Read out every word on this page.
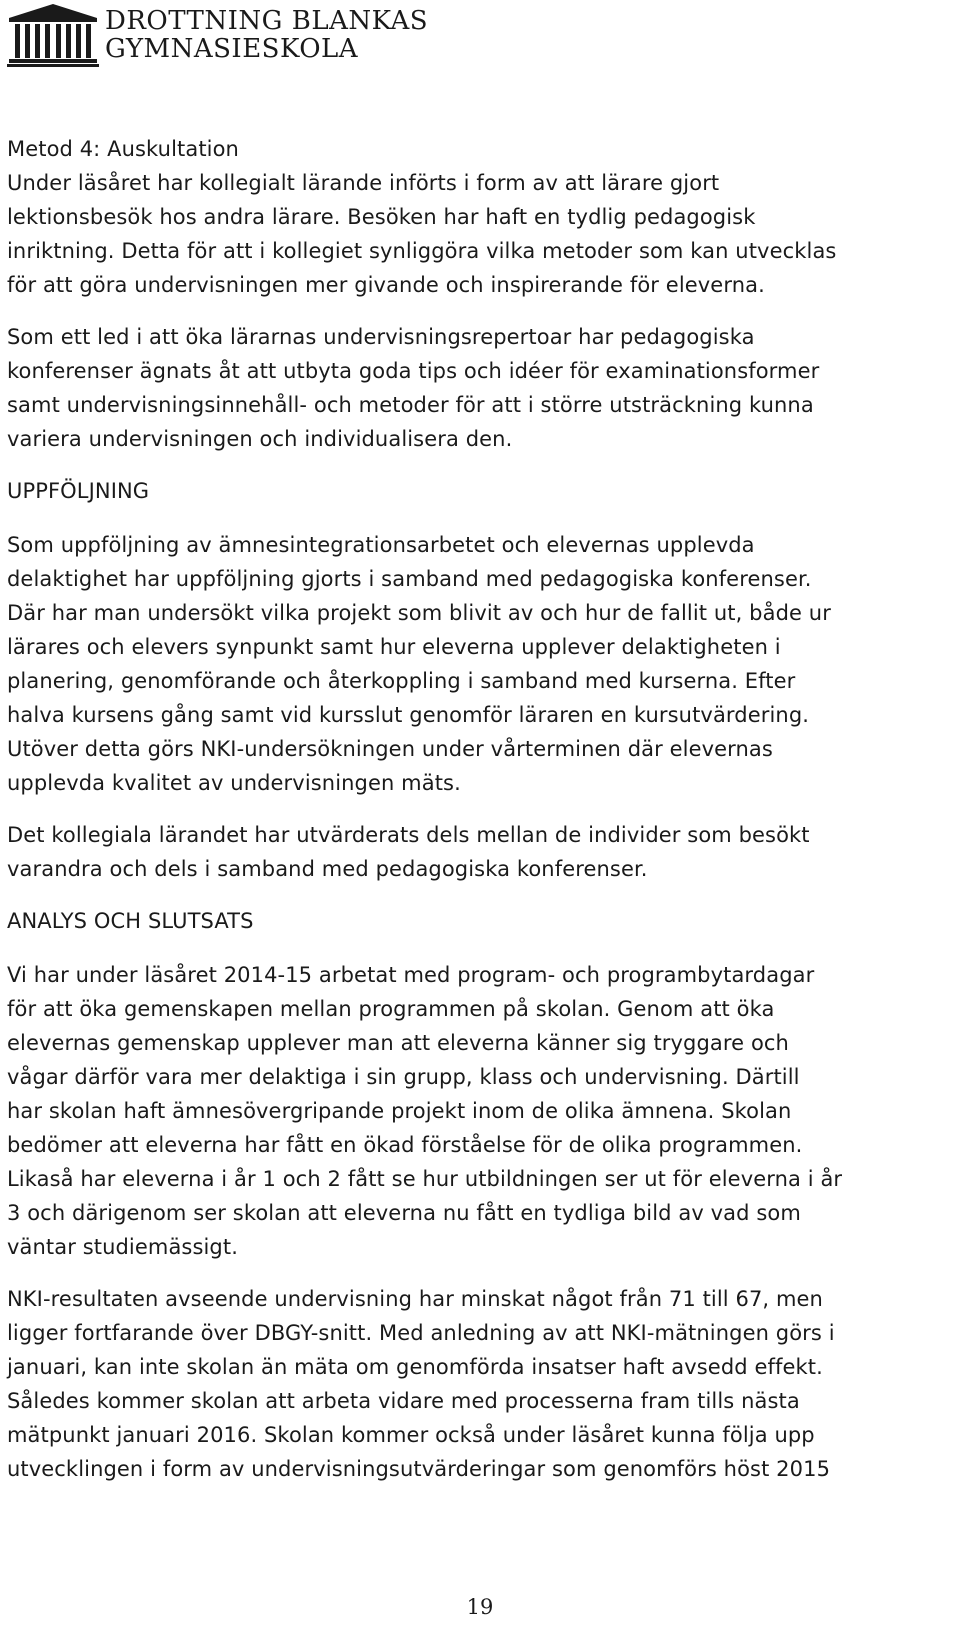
DROTTNING BLANKAS
GYMNASIESKOLA

Metod 4: Auskultation
Under läsåret har kollegialt lärande införts i form av att lärare gjort
lektionsbesök hos andra lärare. Besöken har haft en tydlig pedagogisk
inriktning. Detta för att i kollegiet synliggöra vilka metoder som kan utvecklas
för att göra undervisningen mer givande och inspirerande för eleverna.

Som ett led i att öka lärarnas undervisningsrepertoar har pedagogiska
konferenser ägnats åt att utbyta goda tips och idéer för examinationsformer
samt undervisningsinnehåll- och metoder för att i större utsträckning kunna
variera undervisningen och individualisera den.

UPPFÖLJNING

Som uppföljning av ämnesintegrationsarbetet och elevernas upplevda
delaktighet har uppföljning gjorts i samband med pedagogiska konferenser.
Där har man undersökt vilka projekt som blivit av och hur de fallit ut, både ur
lärares och elevers synpunkt samt hur eleverna upplever delaktigheten i
planering, genomförande och återkoppling i samband med kurserna. Efter
halva kursens gång samt vid kursslut genomför läraren en kursutvärdering.
Utöver detta görs NKI-undersökningen under vårterminen där elevernas
upplevda kvalitet av undervisningen mäts.

Det kollegiala lärandet har utvärderats dels mellan de individer som besökt
varandra och dels i samband med pedagogiska konferenser.

ANALYS OCH SLUTSATS

Vi har under läsåret 2014-15 arbetat med program- och programbytardagar
för att öka gemenskapen mellan programmen på skolan. Genom att öka
elevernas gemenskap upplever man att eleverna känner sig tryggare och
vågar därför vara mer delaktiga i sin grupp, klass och undervisning. Därtill
har skolan haft ämnesövergripande projekt inom de olika ämnena. Skolan
bedömer att eleverna har fått en ökad förståelse för de olika programmen.
Likaså har eleverna i år 1 och 2 fått se hur utbildningen ser ut för eleverna i år
3 och därigenom ser skolan att eleverna nu fått en tydliga bild av vad som
väntar studiemässigt.

NKI-resultaten avseende undervisning har minskat något från 71 till 67, men
ligger fortfarande över DBGY-snitt. Med anledning av att NKI-mätningen görs i
januari, kan inte skolan än mäta om genomförda insatser haft avsedd effekt.
Således kommer skolan att arbeta vidare med processerna fram tills nästa
mätpunkt januari 2016. Skolan kommer också under läsåret kunna följa upp
utvecklingen i form av undervisningsutvärderingar som genomförs höst 2015

19
